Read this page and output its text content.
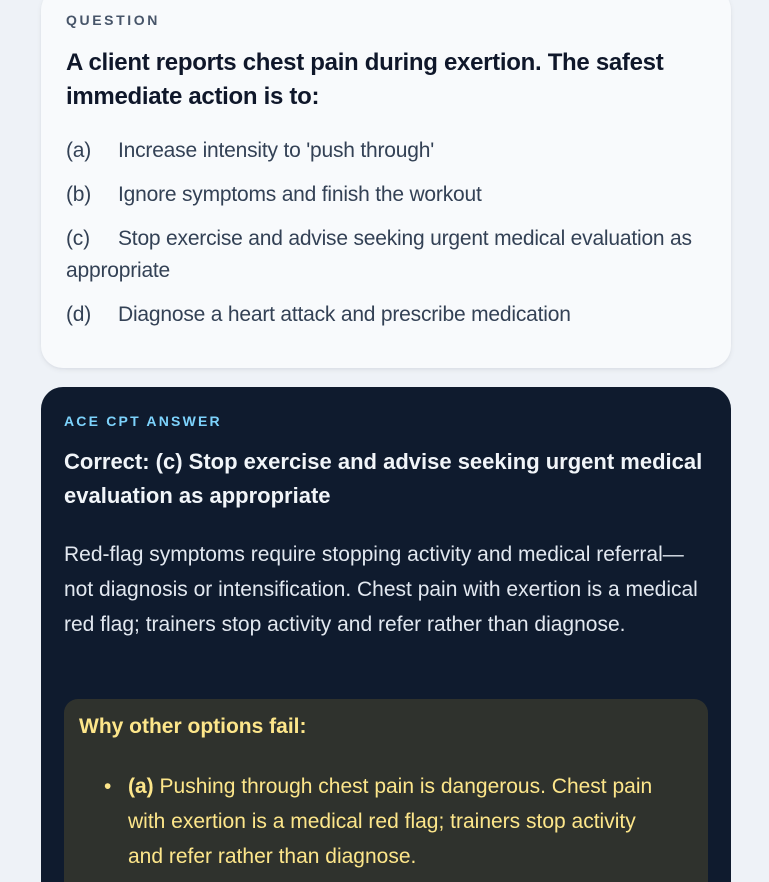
QUESTION
A client reports chest pain during exertion. The safest immediate action is to:
(a) Increase intensity to 'push through'
(b) Ignore symptoms and finish the workout
(c) Stop exercise and advise seeking urgent medical evaluation as appropriate
(d) Diagnose a heart attack and prescribe medication
ACE CPT ANSWER
Correct: (c) Stop exercise and advise seeking urgent medical evaluation as appropriate
Red-flag symptoms require stopping activity and medical referral—not diagnosis or intensification. Chest pain with exertion is a medical red flag; trainers stop activity and refer rather than diagnose.
Why other options fail:
• (a) Pushing through chest pain is dangerous. Chest pain with exertion is a medical red flag; trainers stop activity and refer rather than diagnose.
